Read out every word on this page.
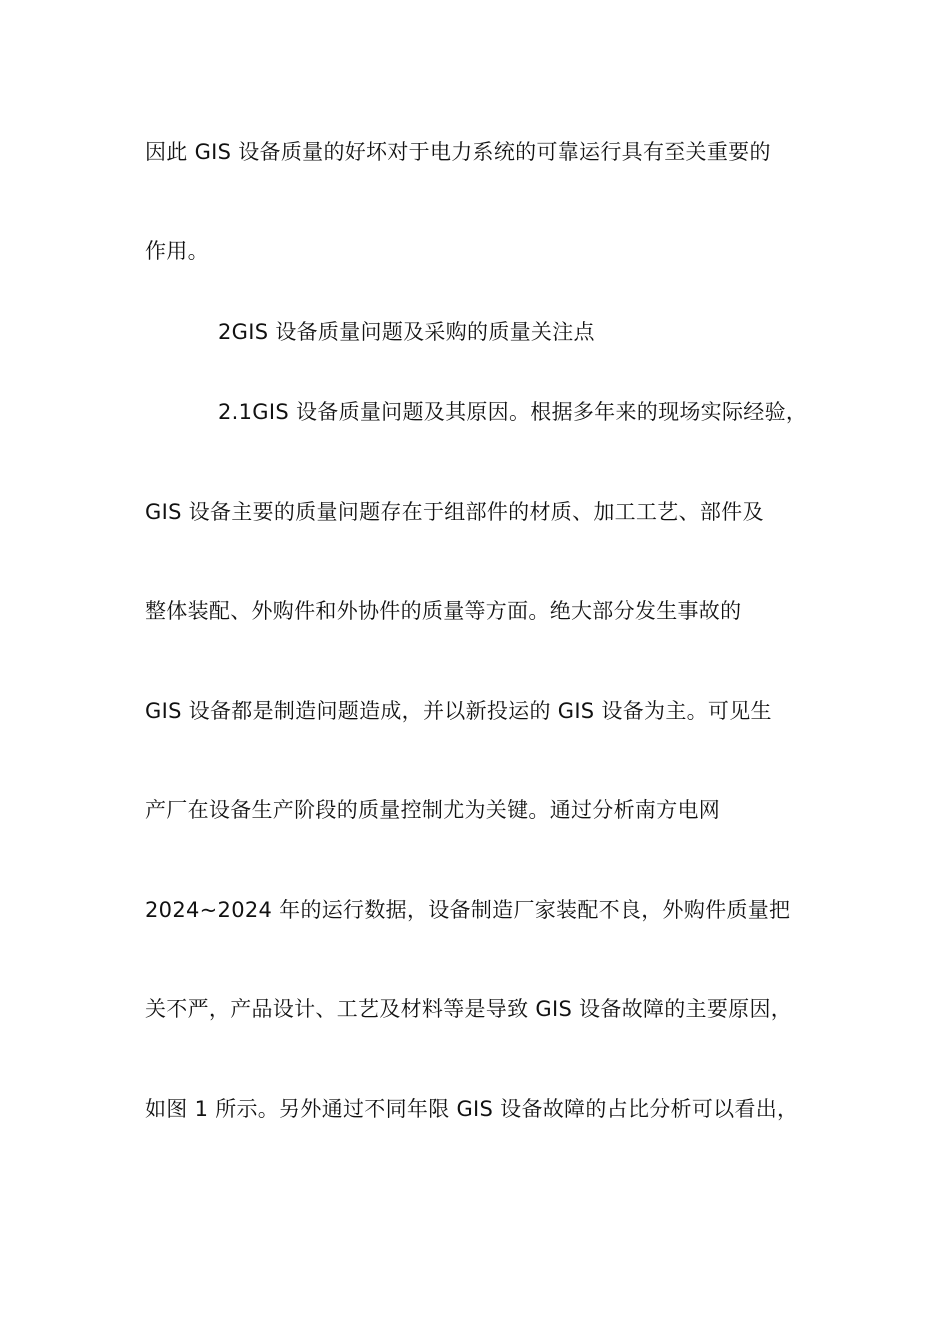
因此 GIS 设备质量的好坏对于电力系统的可靠运行具有至关重要的
作用。
2GIS 设备质量问题及采购的质量关注点
2.1GIS 设备质量问题及其原因。根据多年来的现场实际经验，
GIS 设备主要的质量问题存在于组部件的材质、加工工艺、部件及
整体装配、外购件和外协件的质量等方面。绝大部分发生事故的
GIS 设备都是制造问题造成，并以新投运的 GIS 设备为主。可见生
产厂在设备生产阶段的质量控制尤为关键。通过分析南方电网
2024~2024 年的运行数据，设备制造厂家装配不良，外购件质量把
关不严，产品设计、工艺及材料等是导致 GIS 设备故障的主要原因，
如图 1 所示。另外通过不同年限 GIS 设备故障的占比分析可以看出，
